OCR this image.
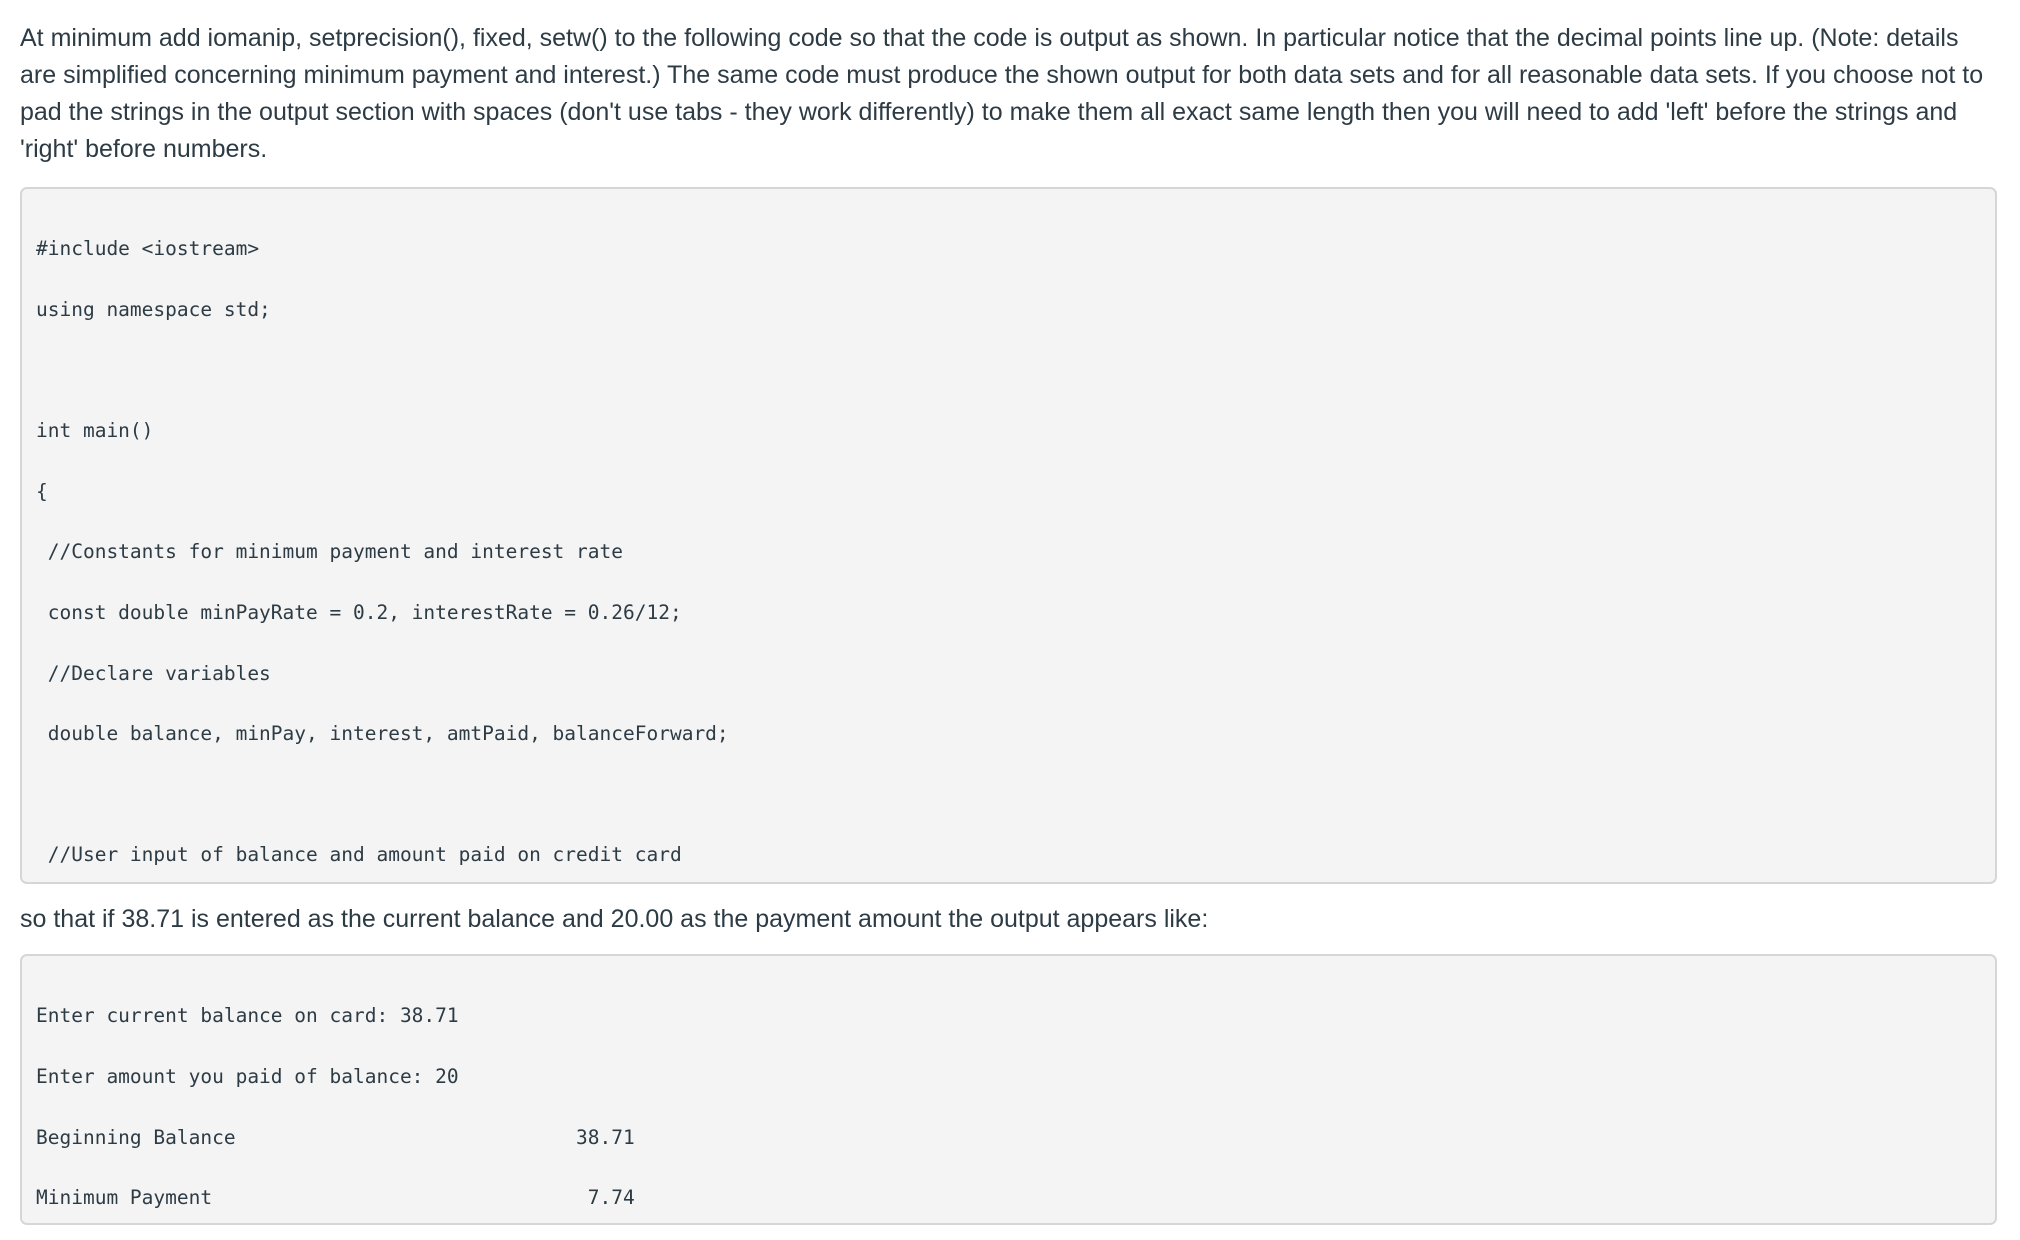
At minimum add iomanip, setprecision(), fixed, setw() to the following code so that the code is output as shown. In particular notice that the decimal points line up. (Note: details are simplified concerning minimum payment and interest.) The same code must produce the shown output for both data sets and for all reasonable data sets. If you choose not to pad the strings in the output section with spaces (don't use tabs - they work differently) to make them all exact same length then you will need to add 'left' before the strings and 'right' before numbers.

#include <iostream>

using namespace std;

int main()

{

//Constants for minimum payment and interest rate

const double minPayRate = 0.2, interestRate = 0.26/12;

//Declare variables

double balance, minPay, interest, amtPaid, balanceForward;

//User input of balance and amount paid on credit card

so that if 38.71 is entered as the current balance and 20.00 as the payment amount the output appears like:

Enter current balance on card: 38.71

Enter amount you paid of balance: 20

Beginning Balance                             38.71

Minimum Payment                                7.74
